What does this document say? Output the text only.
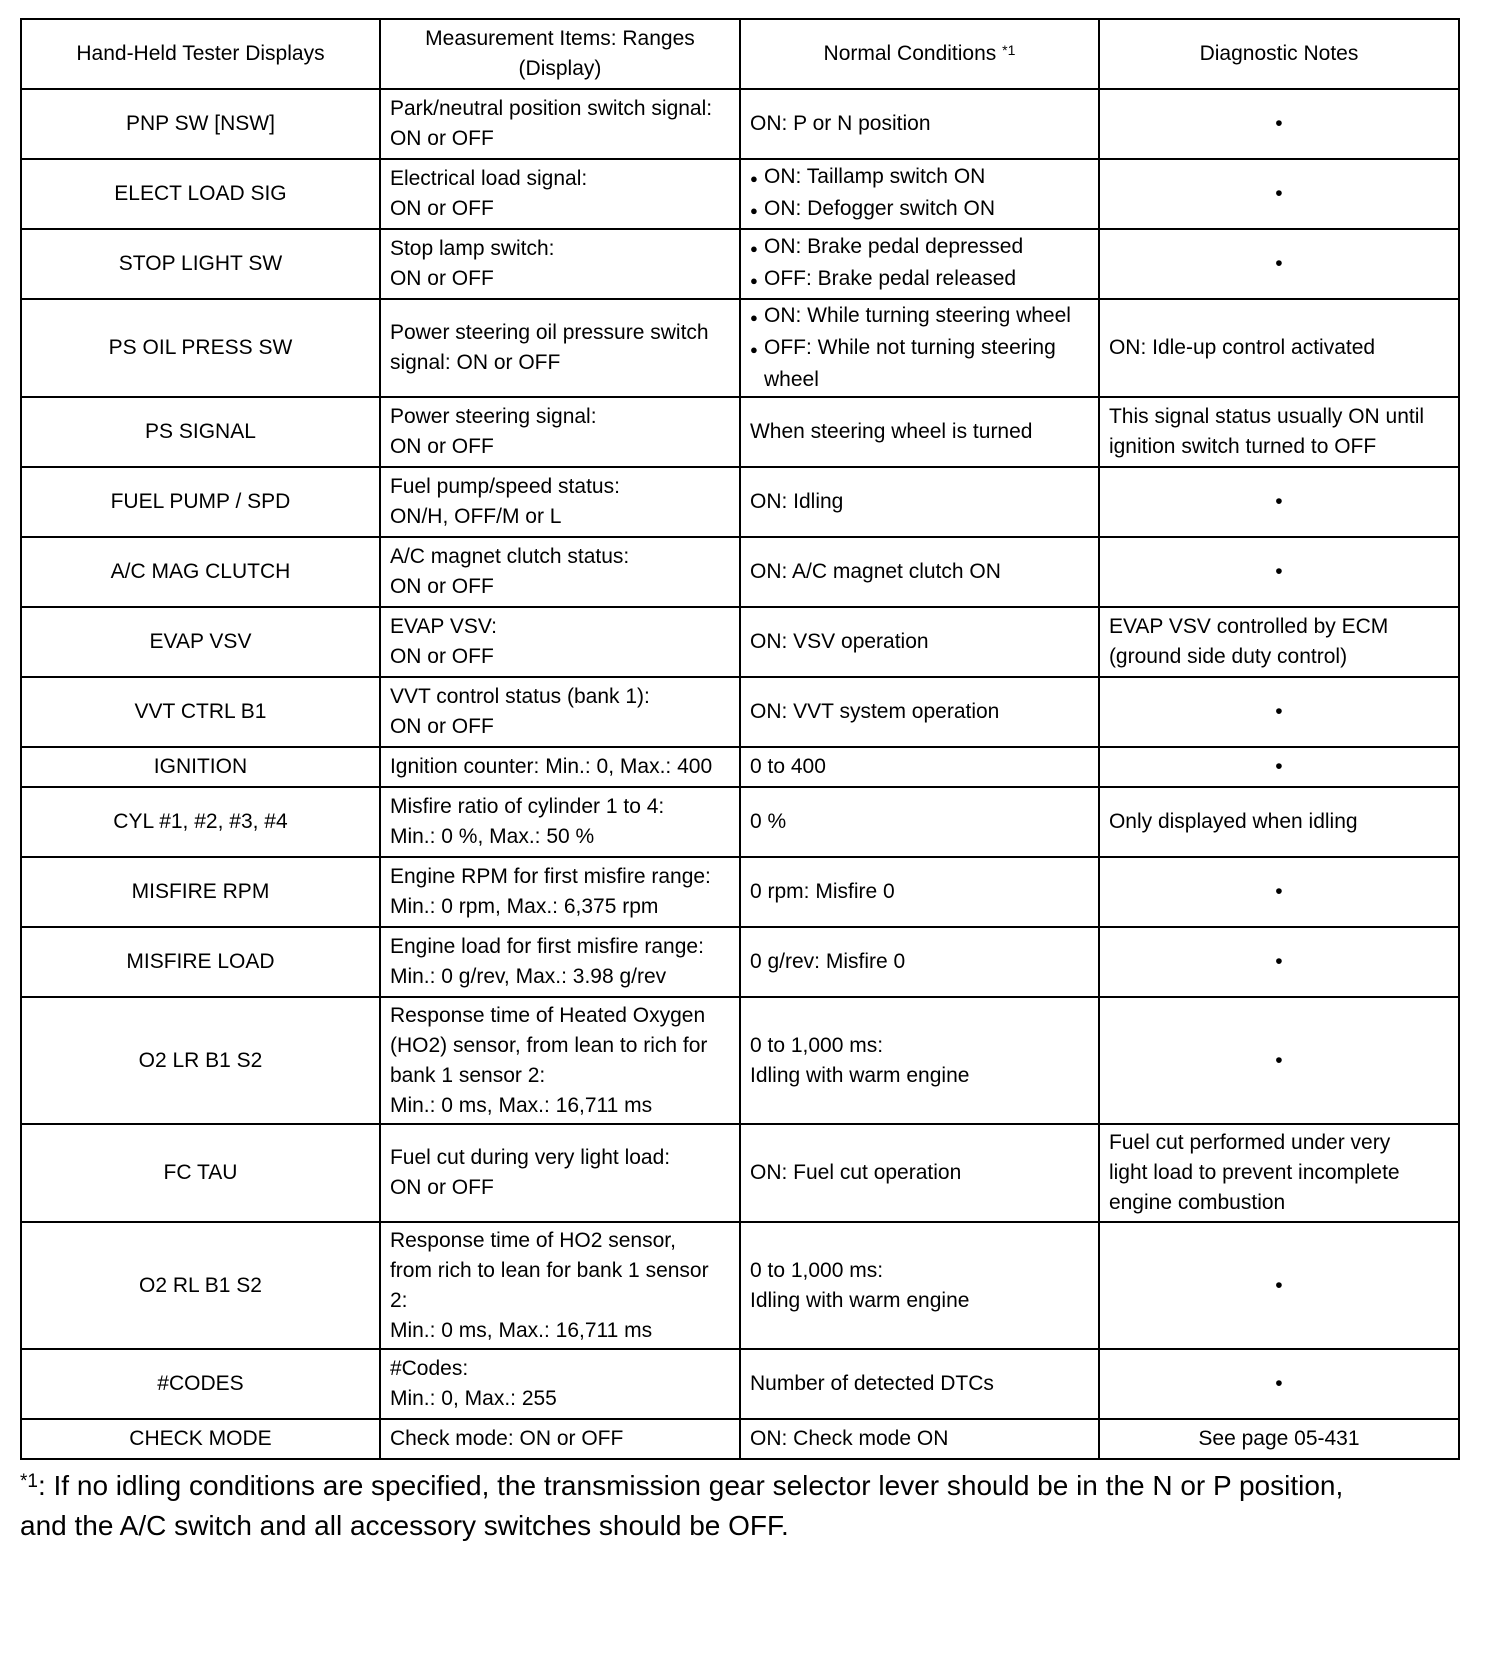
Hand-Held Tester Displays	Measurement Items: Ranges
(Display)	Normal Conditions $^{*1}$	Diagnostic Notes
PNP SW [NSW]	Park/neutral position switch signal:
ON or OFF	ON: P or N position	•

ELECT LOAD SIG	Electrical load signal:
ON or OFF	● ON: Taillamp switch ON
● ON: Defogger switch ON	•

STOP LIGHT SW	Stop lamp switch:
ON or OFF	● ON: Brake pedal depressed
● OFF: Brake pedal released	•

PS OIL PRESS SW	Power steering oil pressure switch
signal: ON or OFF	● ON: While turning steering wheel
● OFF: While not turning steering wheel	ON: Idle-up control activated

PS SIGNAL	Power steering signal:
ON or OFF	When steering wheel is turned	This signal status usually ON until
ignition switch turned to OFF

FUEL PUMP / SPD	Fuel pump/speed status:
ON/H, OFF/M or L	ON: Idling	•

A/C MAG CLUTCH	A/C magnet clutch status:
ON or OFF	ON: A/C magnet clutch ON	•

EVAP VSV	EVAP VSV:
ON or OFF	ON: VSV operation	EVAP VSV controlled by ECM
(ground side duty control)

VVT CTRL B1	VVT control status (bank 1):
ON or OFF	ON: VVT system operation	•

IGNITION	Ignition counter: Min.: 0, Max.: 400	0 to 400	•

CYL #1, #2, #3, #4	Misfire ratio of cylinder 1 to 4:
Min.: 0 %, Max.: 50 %	0 %	Only displayed when idling

MISFIRE RPM	Engine RPM for first misfire range:
Min.: 0 rpm, Max.: 6,375 rpm	0 rpm: Misfire 0	•

MISFIRE LOAD	Engine load for first misfire range:
Min.: 0 g/rev, Max.: 3.98 g/rev	0 g/rev: Misfire 0	•

O2 LR B1 S2	Response time of Heated Oxygen
(HO2) sensor, from lean to rich for
bank 1 sensor 2:
Min.: 0 ms, Max.: 16,711 ms	0 to 1,000 ms:
Idling with warm engine	•

FC TAU	Fuel cut during very light load:
ON or OFF	ON: Fuel cut operation	Fuel cut performed under very
light load to prevent incomplete
engine combustion

O2 RL B1 S2	Response time of HO2 sensor,
from rich to lean for bank 1 sensor
2:
Min.: 0 ms, Max.: 16,711 ms	0 to 1,000 ms:
Idling with warm engine	•

#CODES	#Codes:
Min.: 0, Max.: 255	Number of detected DTCs	•

CHECK MODE	Check mode: ON or OFF	ON: Check mode ON	See page 05-431
$^{*1}$: If no idling conditions are specified, the transmission gear selector lever should be in the N or P position,
and the A/C switch and all accessory switches should be OFF.
